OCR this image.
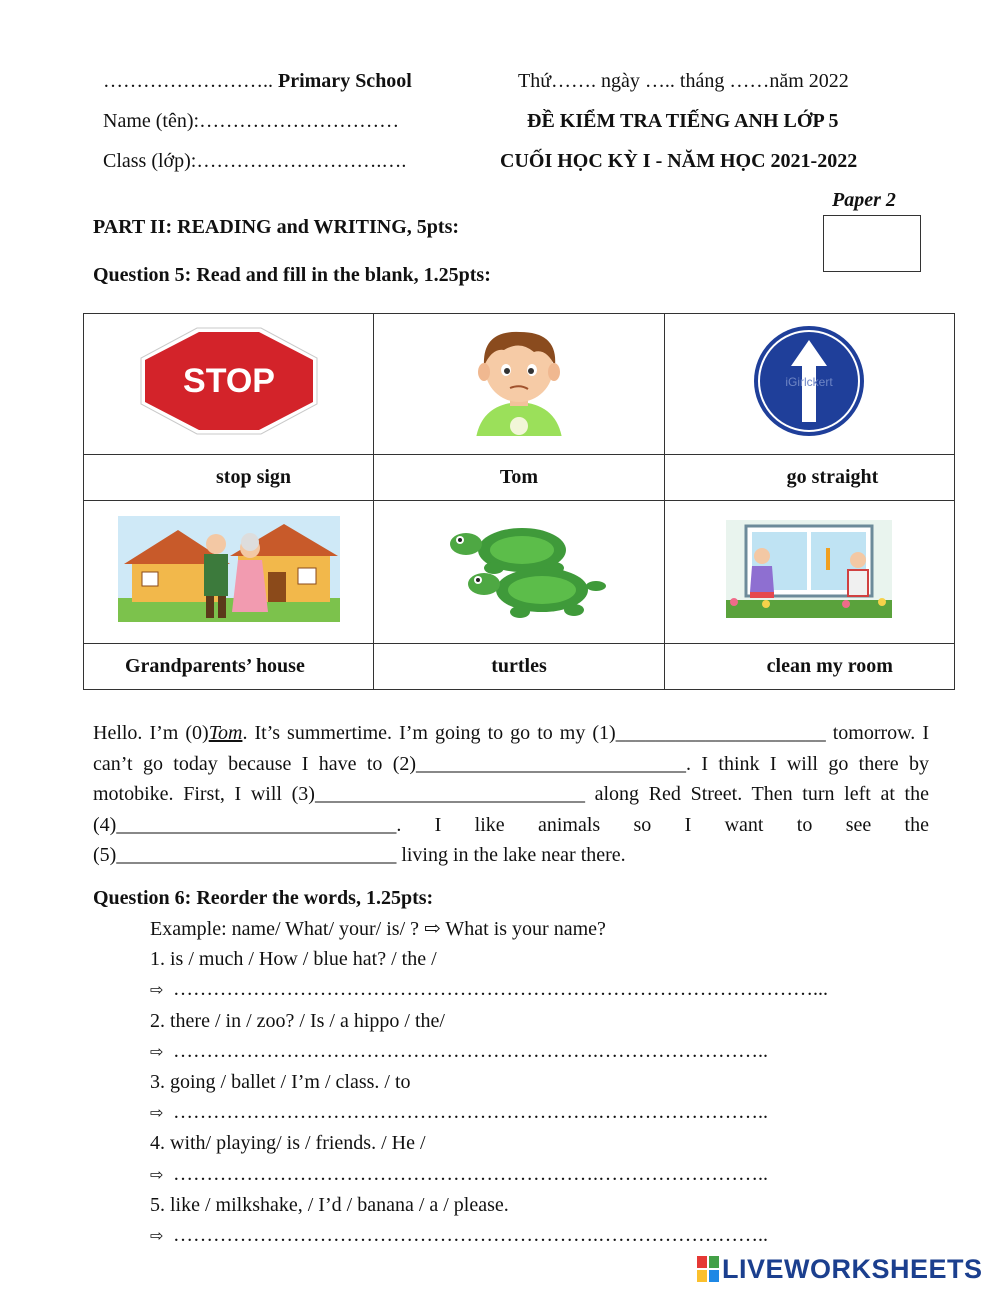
…………………….. Primary School	Thứ……. ngày ….. tháng ……năm 2022
Name (tên):…………………………	ĐỀ KIỂM TRA TIẾNG ANH LỚP 5
Class (lớp):……………………….….	CUỐI HỌC KỲ I - NĂM HỌC 2021-2022
Paper 2
PART II: READING and WRITING, 5pts:
Question 5: Read and fill in the blank, 1.25pts:
STOP		iGirlckert

stop sign	Tom	go straight

Grandparents’ house	turtles	clean my room

Hello. I’m (0)Tom. It’s summertime. I’m going to go to my (1)_____________________ tomorrow. I can’t go today because I have to (2)___________________________. I think I will go there by motobike. First, I will (3)___________________________ along Red Street. Then turn left at the (4)____________________________. I like animals so I want to see the (5)____________________________ living in the lake near there.

Question 6: Reorder the words, 1.25pts:
Example: name/ What/ your/ is/ ? ⇨ What is your name?
1. is / much / How / blue hat? / the /
⇨ ……………………………………………………………………………………...
2. there / in / zoo? / Is / a hippo / the/
⇨ ……………………………………………………….……………………..
3. going / ballet / I’m / class. / to
⇨ ……………………………………………………….……………………..
4. with/ playing/ is / friends. / He /
⇨ ……………………………………………………….……………………..
5. like / milkshake, / I’d / banana / a / please.
⇨ ……………………………………………………….……………………..
LIVEWORKSHEETS
